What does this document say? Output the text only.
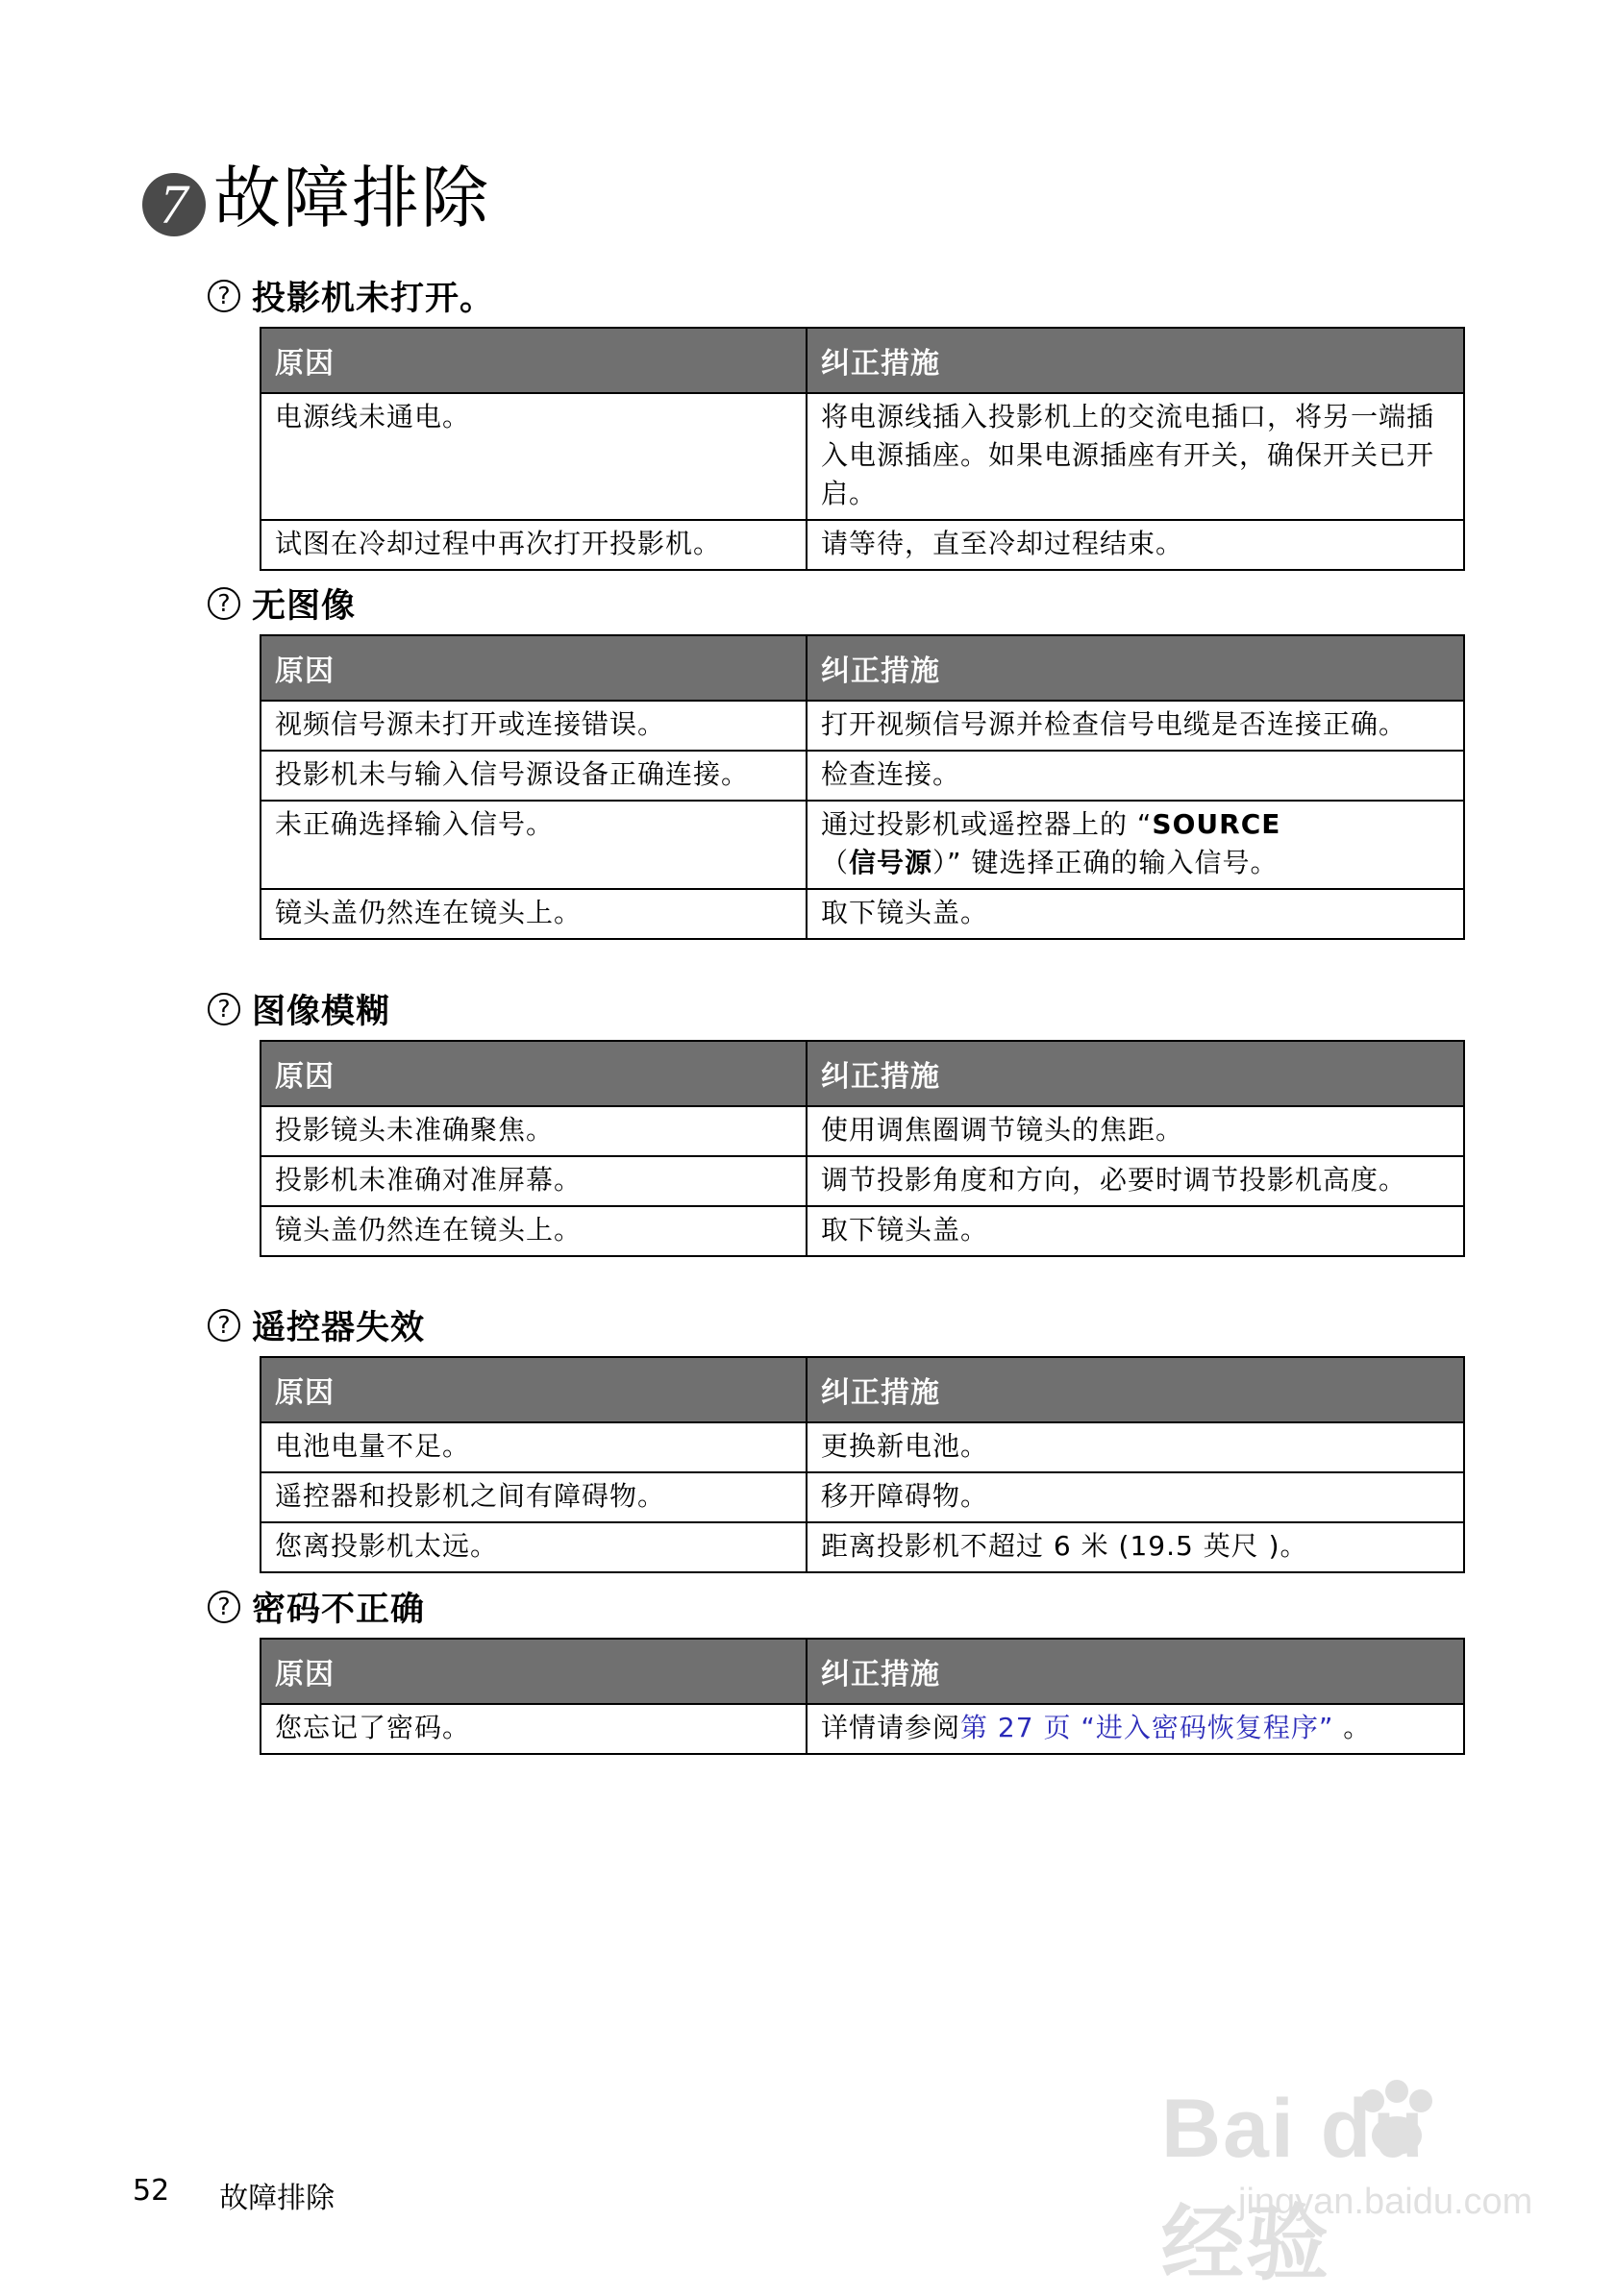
7 故障排除
? 投影机未打开。
原因	纠正措施
电源线未通电。	将电源线插入投影机上的交流电插口，将另一端插入电源插座。如果电源插座有开关，确保开关已开启。
试图在冷却过程中再次打开投影机。	请等待，直至冷却过程结束。
? 无图像
原因	纠正措施
视频信号源未打开或连接错误。	打开视频信号源并检查信号电缆是否连接正确。
投影机未与输入信号源设备正确连接。	检查连接。
未正确选择输入信号。	通过投影机或遥控器上的 “SOURCE
（信号源）” 键选择正确的输入信号。
镜头盖仍然连在镜头上。	取下镜头盖。
? 图像模糊
原因	纠正措施
投影镜头未准确聚焦。	使用调焦圈调节镜头的焦距。
投影机未准确对准屏幕。	调节投影角度和方向，必要时调节投影机高度。
镜头盖仍然连在镜头上。	取下镜头盖。
? 遥控器失效
原因	纠正措施
电池电量不足。	更换新电池。
遥控器和投影机之间有障碍物。	移开障碍物。
您离投影机太远。	距离投影机不超过 6 米 (19.5 英尺 )。
? 密码不正确
原因	纠正措施
您忘记了密码。	详情请参阅第 27 页 “进入密码恢复程序” 。
52 故障排除
Bai du 经验
jingyan.baidu.com
